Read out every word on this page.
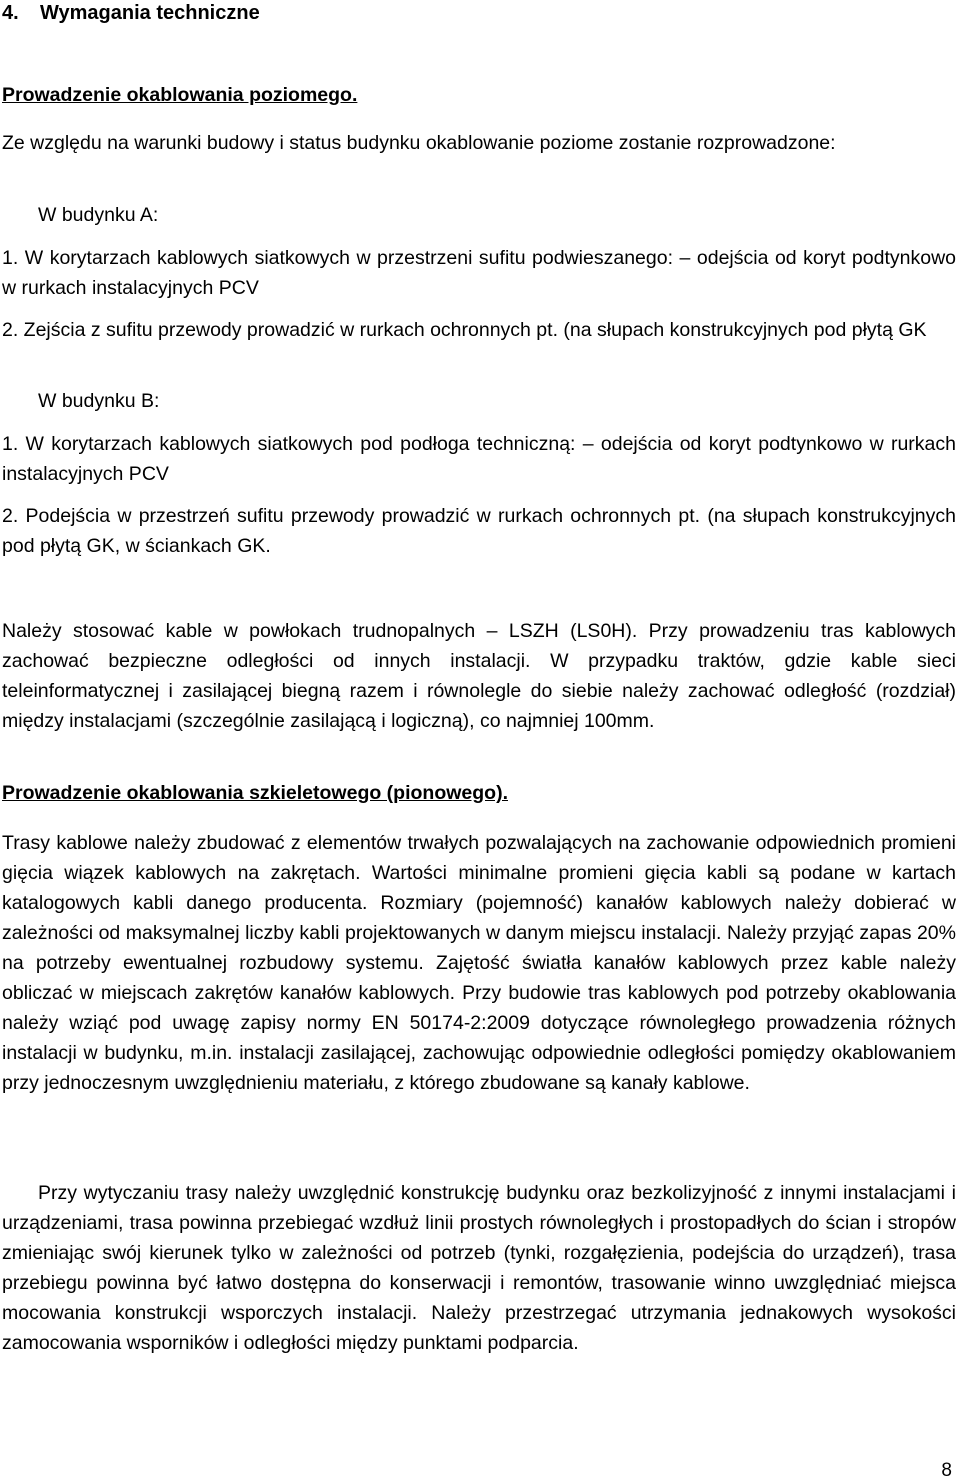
4. Wymagania techniczne
Prowadzenie okablowania poziomego.
Ze względu na warunki budowy i status budynku okablowanie poziome zostanie rozprowadzone:
W budynku A:
1. W korytarzach kablowych siatkowych w przestrzeni sufitu podwieszanego: – odejścia od koryt podtynkowo w rurkach instalacyjnych PCV
2. Zejścia z sufitu przewody prowadzić w rurkach ochronnych pt. (na słupach konstrukcyjnych pod płytą GK
W budynku B:
1. W korytarzach kablowych siatkowych pod podłoga techniczną: – odejścia od koryt podtynkowo w rurkach instalacyjnych PCV
2. Podejścia w przestrzeń sufitu przewody prowadzić w rurkach ochronnych pt. (na słupach konstrukcyjnych pod płytą GK, w ściankach GK.
Należy stosować kable w powłokach trudnopalnych – LSZH (LS0H). Przy prowadzeniu tras kablowych zachować bezpieczne odległości od innych instalacji. W przypadku traktów, gdzie kable sieci teleinformatycznej i zasilającej biegną razem i równolegle do siebie należy zachować odległość (rozdział) między instalacjami (szczególnie zasilającą i logiczną), co najmniej 100mm.
Prowadzenie okablowania szkieletowego (pionowego).
Trasy kablowe należy zbudować z elementów trwałych pozwalających na zachowanie odpowiednich promieni gięcia wiązek kablowych na zakrętach. Wartości minimalne promieni gięcia kabli są podane w kartach katalogowych kabli danego producenta. Rozmiary (pojemność) kanałów kablowych należy dobierać w zależności od maksymalnej liczby kabli projektowanych w danym miejscu instalacji. Należy przyjąć zapas 20% na potrzeby ewentualnej rozbudowy systemu. Zajętość światła kanałów kablowych przez kable należy obliczać w miejscach zakrętów kanałów kablowych. Przy budowie tras kablowych pod potrzeby okablowania należy wziąć pod uwagę zapisy normy EN 50174-2:2009 dotyczące równoległego prowadzenia różnych instalacji w budynku, m.in. instalacji zasilającej, zachowując odpowiednie odległości pomiędzy okablowaniem przy jednoczesnym uwzględnieniu materiału, z którego zbudowane są kanały kablowe.
Przy wytyczaniu trasy należy uwzględnić konstrukcję budynku oraz bezkolizyjność z innymi instalacjami i urządzeniami, trasa powinna przebiegać wzdłuż linii prostych równoległych i prostopadłych do ścian i stropów zmieniając swój kierunek tylko w zależności od potrzeb (tynki, rozgałęzienia, podejścia do urządzeń), trasa przebiegu powinna być łatwo dostępna do konserwacji i remontów, trasowanie winno uwzględniać miejsca mocowania konstrukcji wsporczych instalacji. Należy przestrzegać utrzymania jednakowych wysokości zamocowania wsporników i odległości między punktami podparcia.
8
